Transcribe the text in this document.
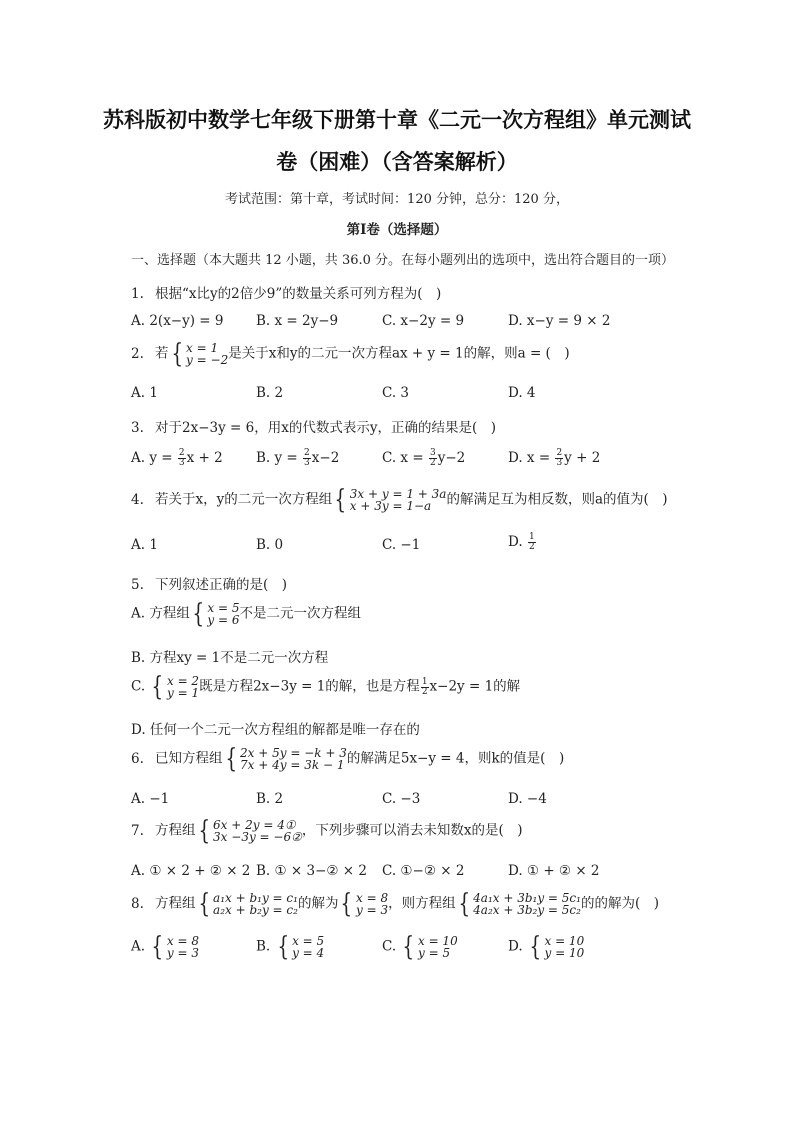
苏科版初中数学七年级下册第十章《二元一次方程组》单元测试
卷（困难）（含答案解析）
考试范围：第十章，考试时间：120 分钟，总分：120 分，
第Ⅰ卷（选择题）
一、选择题（本大题共 12 小题，共 36.0 分。在每小题列出的选项中，选出符合题目的一项）
1. 根据“x比y的2倍少9”的数量关系可列方程为(　)
A. 2(x−y) = 9 B. x = 2y−9	C. x−2y = 9	D. x−y = 9 × 2
2. 若 { x = 1
y = −2 是关于x和y的二元一次方程ax + y = 1的解，则a = (　)
A. 1	B. 2	C. 3	D. 4
3. 对于2x−3y = 6，用x的代数式表示y，正确的结果是(　)
A. $y = \frac{2}{3}$ x + 2 B. $y = \frac{2}{3} x-2$	C. $x = \frac{3}{2} y-2$	D. $x = \frac{2}{3}$ y + 2
4. 若关于x，y的二元一次方程组 { 3x + y = 1 + 3a
x + 3y = 1−a	的解满足互为相反数，则a的值为(　)
A. 1	B. 0	C. −1	D. $\frac{1}{2}$
5. 下列叙述正确的是(　)
A. 方程组 { x = 5
y = 6 不是二元一次方程组
B. 方程xy = 1不是二元一次方程
C. { x = 2
y = 1 既是方程2x−3y = 1的解，也是方程 $\frac{1}{2} x-2y = 1$的解
D. 任何一个二元一次方程组的解都是唯一存在的
6. 已知方程组 { 2x + 5y = −k + 3
7x + 4y = 3k − 1 的解满足5x−y = 4，则k的值是(　)
A. −1	B. 2	C. −3	D. −4
7. 方程组 { 6x + 2y = 4①
3x −3y = −6② ，下列步骤可以消去未知数x的是(　)
A. ① × 2 + ② × 2 B. ① × 3−② × 2 C. ①−② × 2	D. ① + ② × 2
8. 方程组 { a₁x + b₁y = c₁
a₂x + b₂y = c₂ 的解为 { x = 8
y = 3 ，则方程组 { 4a₁x + 3b₁y = 5c₁
4a₂x + 3b₂y = 5c₂ 的的解为(　)
A. { x = 8
y = 3	B. { x = 5
y = 4	C. { x = 10
y = 5	D. { x = 10
y = 10
